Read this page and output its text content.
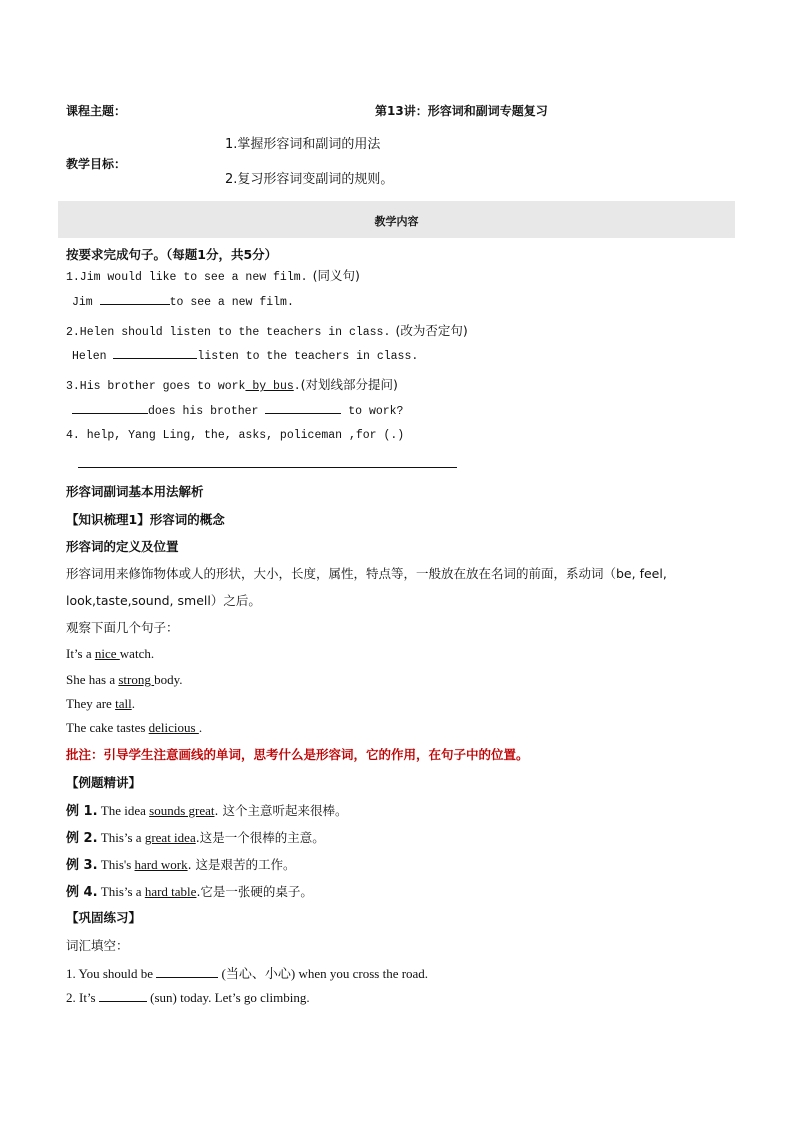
课程主题：	第13讲：形容词和副词专题复习
1.掌握形容词和副词的用法
教学目标：
2.复习形容词变副词的规则。
教学内容
按要求完成句子。（每题1分，共5分）
1.Jim would like to see a new film. (同义句)
Jim	to see a new film.
2.Helen should listen to the teachers in class. (改为否定句)
Helen	listen to the teachers in class.
3.His brother goes to work by bus.(对划线部分提问)
does his brother	to work?
4. help, Yang Ling, the, asks, policeman ,for (.)
形容词副词基本用法解析
【知识梳理1】形容词的概念
形容词的定义及位置
形容词用来修饰物体或人的形状，大小，长度，属性，特点等，一般放在放在名词的前面，系动词（be, feel,
look,taste,sound, smell）之后。
观察下面几个句子：
It’s a nice watch.
She has a strong body.
They are tall.
The cake tastes delicious .
批注：引导学生注意画线的单词，思考什么是形容词，它的作用，在句子中的位置。
【例题精讲】
例 1. The idea sounds great. 这个主意听起来很棒。
例 2. This’s a great idea.这是一个很棒的主意。
例 3. This's hard work. 这是艰苦的工作。
例 4. This’s a hard table.它是一张硬的桌子。
【巩固练习】
词汇填空：
1. You should be	(当心、小心) when you cross the road.
2. It’s	(sun) today. Let’s go climbing.
